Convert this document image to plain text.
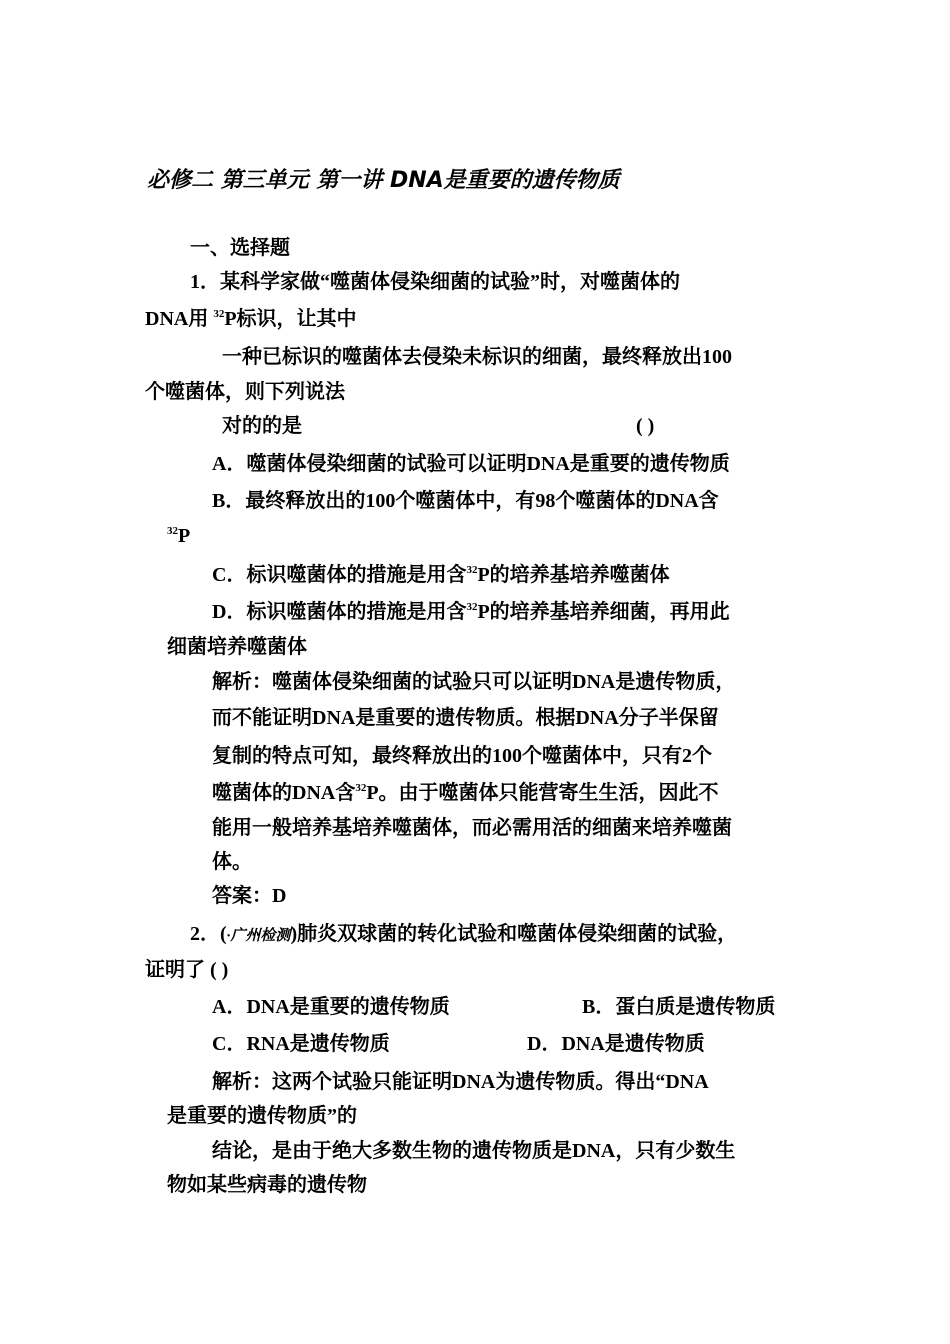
必修二 第三单元 第一讲 DNA是重要的遗传物质
一、选择题
1．某科学家做“噬菌体侵染细菌的试验”时，对噬菌体的
DNA用 $^{32}$P标识，让其中
一种已标识的噬菌体去侵染未标识的细菌，最终释放出100
个噬菌体，则下列说法
对的的是	( )
A．噬菌体侵染细菌的试验可以证明DNA是重要的遗传物质
B．最终释放出的100个噬菌体中，有98个噬菌体的DNA含
$^{32}$P
C．标识噬菌体的措施是用含$^{32}$P的培养基培养噬菌体
D．标识噬菌体的措施是用含$^{32}$P的培养基培养细菌，再用此
细菌培养噬菌体
解析：噬菌体侵染细菌的试验只可以证明DNA是遗传物质，
而不能证明DNA是重要的遗传物质。根据DNA分子半保留
复制的特点可知，最终释放出的100个噬菌体中，只有2个
噬菌体的DNA含$^{32}$P。由于噬菌体只能营寄生生活，因此不
能用一般培养基培养噬菌体，而必需用活的细菌来培养噬菌
体。
答案：D
2．(·广州检测)肺炎双球菌的转化试验和噬菌体侵染细菌的试验，
证明了 ( )
A．DNA是重要的遗传物质	B．蛋白质是遗传物质
C．RNA是遗传物质	D．DNA是遗传物质
解析：这两个试验只能证明DNA为遗传物质。得出“DNA
是重要的遗传物质”的
结论，是由于绝大多数生物的遗传物质是DNA，只有少数生
物如某些病毒的遗传物
